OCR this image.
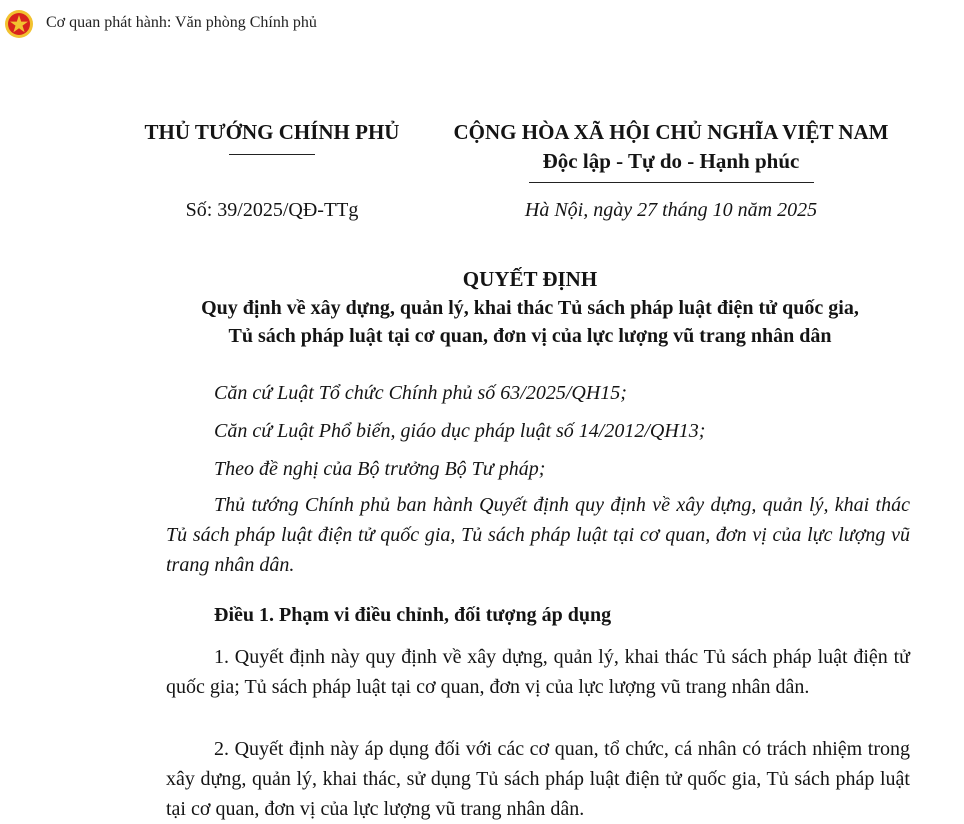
Cơ quan phát hành: Văn phòng Chính phủ
THỦ TƯỚNG CHÍNH PHỦ	CỘNG HÒA XÃ HỘI CHỦ NGHĨA VIỆT NAM
Độc lập - Tự do - Hạnh phúc
Số: 39/2025/QĐ-TTg	Hà Nội, ngày 27 tháng 10 năm 2025
QUYẾT ĐỊNH
Quy định về xây dựng, quản lý, khai thác Tủ sách pháp luật điện tử quốc gia,
Tủ sách pháp luật tại cơ quan, đơn vị của lực lượng vũ trang nhân dân
Căn cứ Luật Tổ chức Chính phủ số 63/2025/QH15;
Căn cứ Luật Phổ biến, giáo dục pháp luật số 14/2012/QH13;
Theo đề nghị của Bộ trưởng Bộ Tư pháp;
Thủ tướng Chính phủ ban hành Quyết định quy định về xây dựng, quản lý, khai thác Tủ sách pháp luật điện tử quốc gia, Tủ sách pháp luật tại cơ quan, đơn vị của lực lượng vũ trang nhân dân.
Điều 1. Phạm vi điều chỉnh, đối tượng áp dụng
1. Quyết định này quy định về xây dựng, quản lý, khai thác Tủ sách pháp luật điện tử quốc gia; Tủ sách pháp luật tại cơ quan, đơn vị của lực lượng vũ trang nhân dân.
2. Quyết định này áp dụng đối với các cơ quan, tổ chức, cá nhân có trách nhiệm trong xây dựng, quản lý, khai thác, sử dụng Tủ sách pháp luật điện tử quốc gia, Tủ sách pháp luật tại cơ quan, đơn vị của lực lượng vũ trang nhân dân.
